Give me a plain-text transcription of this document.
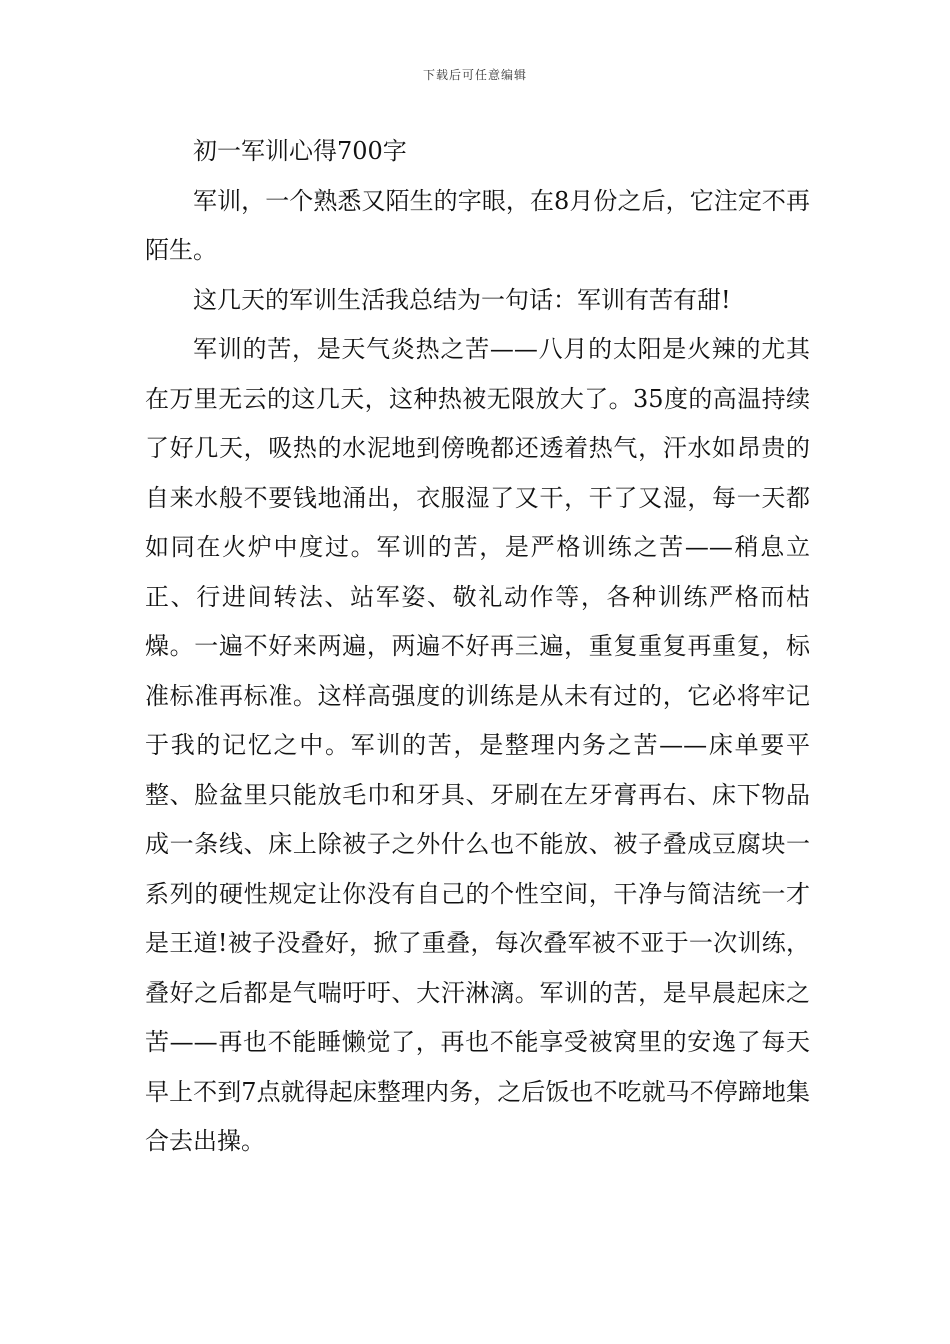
下载后可任意编辑

初一军训心得700字

军训，一个熟悉又陌生的字眼，在8月份之后，它注定不再陌生。

这几天的军训生活我总结为一句话：军训有苦有甜!

军训的苦，是天气炎热之苦——八月的太阳是火辣的尤其在万里无云的这几天，这种热被无限放大了。35度的高温持续了好几天，吸热的水泥地到傍晚都还透着热气，汗水如昂贵的自来水般不要钱地涌出，衣服湿了又干，干了又湿，每一天都如同在火炉中度过。军训的苦，是严格训练之苦——稍息立正、行进间转法、站军姿、敬礼动作等，各种训练严格而枯燥。一遍不好来两遍，两遍不好再三遍，重复重复再重复，标准标准再标准。这样高强度的训练是从未有过的，它必将牢记于我的记忆之中。军训的苦，是整理内务之苦——床单要平整、脸盆里只能放毛巾和牙具、牙刷在左牙膏再右、床下物品成一条线、床上除被子之外什么也不能放、被子叠成豆腐块一系列的硬性规定让你没有自己的个性空间，干净与简洁统一才是王道!被子没叠好，掀了重叠，每次叠军被不亚于一次训练，叠好之后都是气喘吁吁、大汗淋漓。军训的苦，是早晨起床之苦——再也不能睡懒觉了，再也不能享受被窝里的安逸了每天早上不到7点就得起床整理内务，之后饭也不吃就马不停蹄地集合去出操。
